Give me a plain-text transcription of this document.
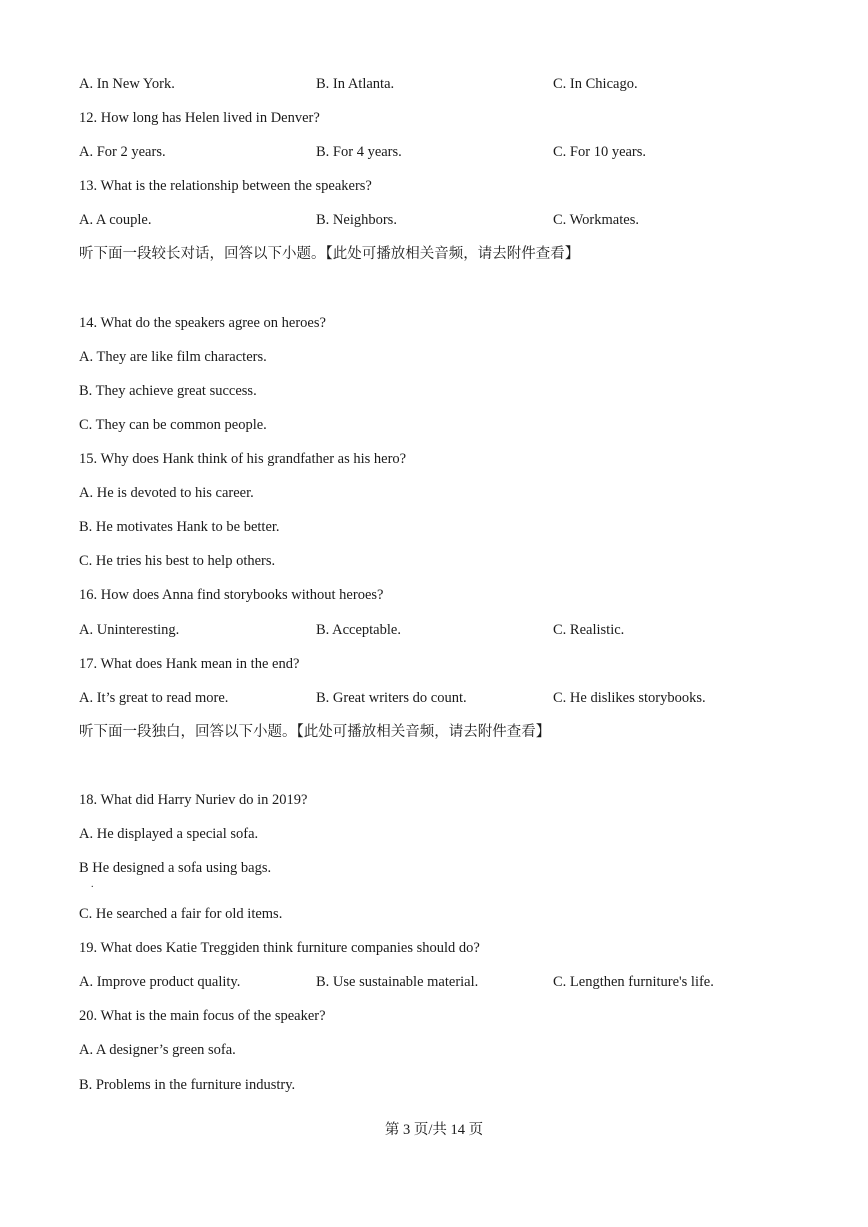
A. In New York.	B. In Atlanta.	C. In Chicago.
12. How long has Helen lived in Denver?
A. For 2 years.	B. For 4 years.	C. For 10 years.
13. What is the relationship between the speakers?
A. A couple.	B. Neighbors.	C. Workmates.
听下面一段较长对话，回答以下小题。【此处可播放相关音频，请去附件查看】
14. What do the speakers agree on heroes?
A. They are like film characters.
B. They achieve great success.
C. They can be common people.
15. Why does Hank think of his grandfather as his hero?
A. He is devoted to his career.
B. He motivates Hank to be better.
C. He tries his best to help others.
16. How does Anna find storybooks without heroes?
A. Uninteresting.	B. Acceptable.	C. Realistic.
17. What does Hank mean in the end?
A. It’s great to read more.	B. Great writers do count.	C. He dislikes storybooks.
听下面一段独白，回答以下小题。【此处可播放相关音频，请去附件查看】
18. What did Harry Nuriev do in 2019?
A. He displayed a special sofa.
B He designed a sofa using bags.
.
C. He searched a fair for old items.
19. What does Katie Treggiden think furniture companies should do?
A. Improve product quality.	B. Use sustainable material.	C. Lengthen furniture's life.
20. What is the main focus of the speaker?
A. A designer’s green sofa.
B. Problems in the furniture industry.
第 3 页/共 14 页
